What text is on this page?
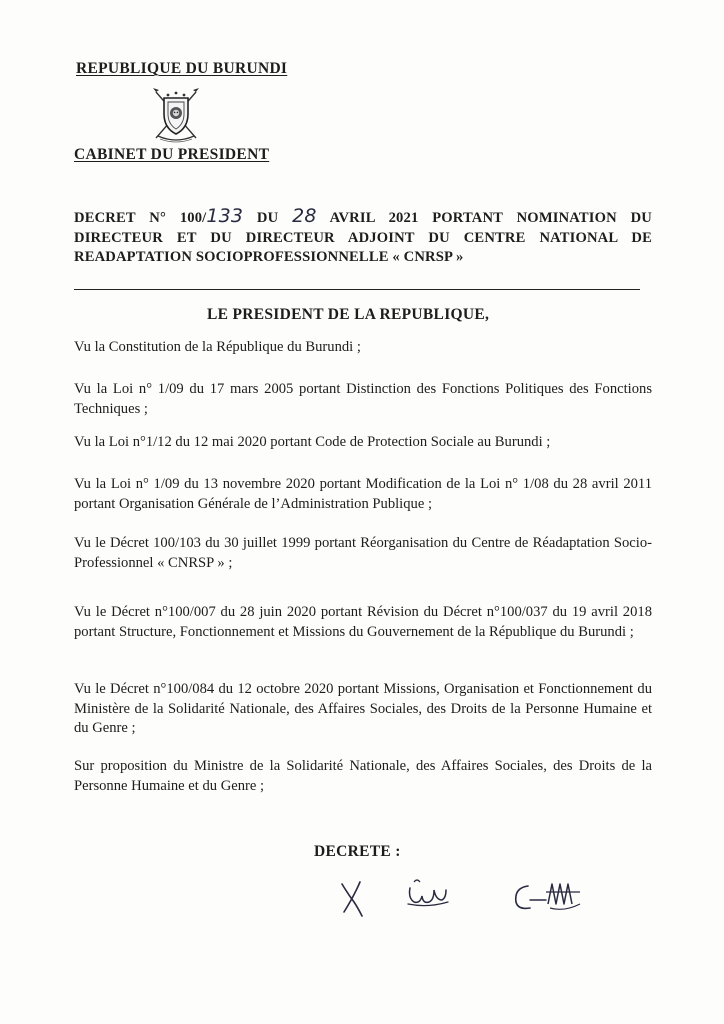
REPUBLIQUE DU BURUNDI
CABINET DU PRESIDENT
DECRET N° 100/133 DU 28 AVRIL 2021 PORTANT NOMINATION DU DIRECTEUR ET DU DIRECTEUR ADJOINT DU CENTRE NATIONAL DE READAPTATION SOCIOPROFESSIONNELLE « CNRSP »
LE PRESIDENT DE LA REPUBLIQUE,
Vu la Constitution de la République du Burundi ;
Vu la Loi n° 1/09 du 17 mars 2005 portant Distinction des Fonctions Politiques des Fonctions Techniques ;
Vu la Loi n°1/12 du 12 mai 2020 portant Code de Protection Sociale au Burundi ;
Vu la Loi n° 1/09 du 13 novembre 2020 portant Modification de la Loi n° 1/08 du 28 avril 2011 portant Organisation Générale de l’Administration Publique ;
Vu le Décret 100/103 du 30 juillet 1999 portant Réorganisation du Centre de Réadaptation Socio-Professionnel « CNRSP » ;
Vu le Décret n°100/007 du 28 juin 2020 portant Révision du Décret n°100/037 du 19 avril 2018 portant Structure, Fonctionnement et Missions du Gouvernement de la République du Burundi ;
Vu le Décret n°100/084 du 12 octobre 2020 portant Missions, Organisation et Fonctionnement du Ministère de la Solidarité Nationale, des Affaires Sociales, des Droits de la Personne Humaine et du Genre ;
Sur proposition du Ministre de la Solidarité Nationale, des Affaires Sociales, des Droits de la Personne Humaine et du Genre ;
DECRETE :
